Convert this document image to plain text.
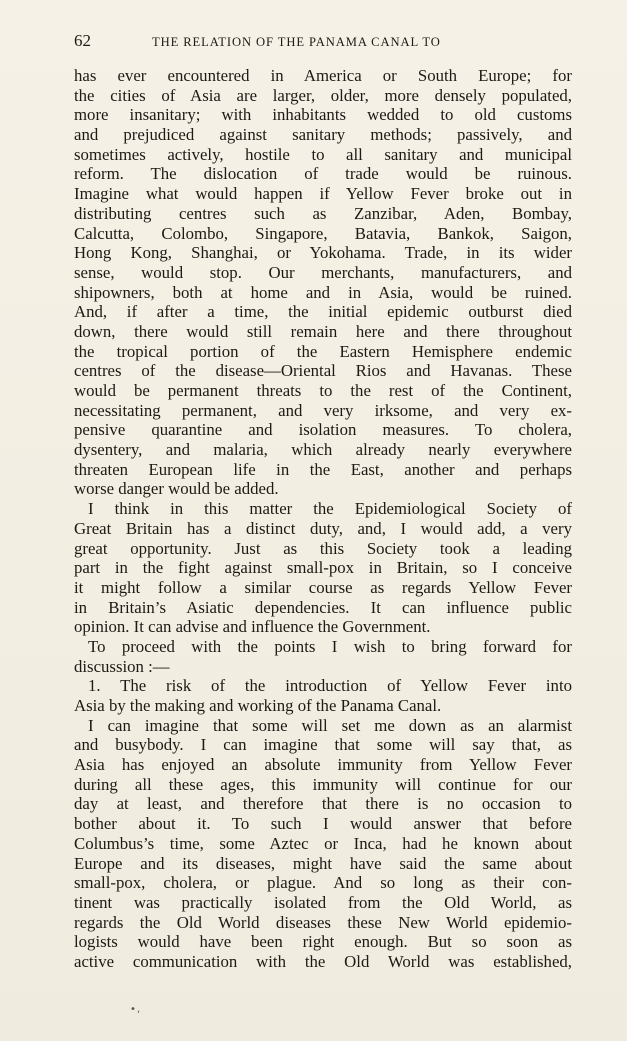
62	THE RELATION OF THE PANAMA CANAL TO
has ever encountered in America or South Europe; for
the cities of Asia are larger, older, more densely populated,
more insanitary; with inhabitants wedded to old customs
and prejudiced against sanitary methods; passively, and
sometimes actively, hostile to all sanitary and municipal
reform. The dislocation of trade would be ruinous.
Imagine what would happen if Yellow Fever broke out in
distributing centres such as Zanzibar, Aden, Bombay,
Calcutta, Colombo, Singapore, Batavia, Bankok, Saigon,
Hong Kong, Shanghai, or Yokohama. Trade, in its wider
sense, would stop. Our merchants, manufacturers, and
shipowners, both at home and in Asia, would be ruined.
And, if after a time, the initial epidemic outburst died
down, there would still remain here and there throughout
the tropical portion of the Eastern Hemisphere endemic
centres of the disease—Oriental Rios and Havanas. These
would be permanent threats to the rest of the Continent,
necessitating permanent, and very irksome, and very ex-
pensive quarantine and isolation measures. To cholera,
dysentery, and malaria, which already nearly everywhere
threaten European life in the East, another and perhaps
worse danger would be added.
I think in this matter the Epidemiological Society of
Great Britain has a distinct duty, and, I would add, a very
great opportunity. Just as this Society took a leading
part in the fight against small-pox in Britain, so I conceive
it might follow a similar course as regards Yellow Fever
in Britain’s Asiatic dependencies. It can influence public
opinion. It can advise and influence the Government.
To proceed with the points I wish to bring forward for
discussion :—
1. The risk of the introduction of Yellow Fever into
Asia by the making and working of the Panama Canal.
I can imagine that some will set me down as an alarmist
and busybody. I can imagine that some will say that, as
Asia has enjoyed an absolute immunity from Yellow Fever
during all these ages, this immunity will continue for our
day at least, and therefore that there is no occasion to
bother about it. To such I would answer that before
Columbus’s time, some Aztec or Inca, had he known about
Europe and its diseases, might have said the same about
small-pox, cholera, or plague. And so long as their con-
tinent was practically isolated from the Old World, as
regards the Old World diseases these New World epidemio-
logists would have been right enough. But so soon as
active communication with the Old World was established,
•‚
